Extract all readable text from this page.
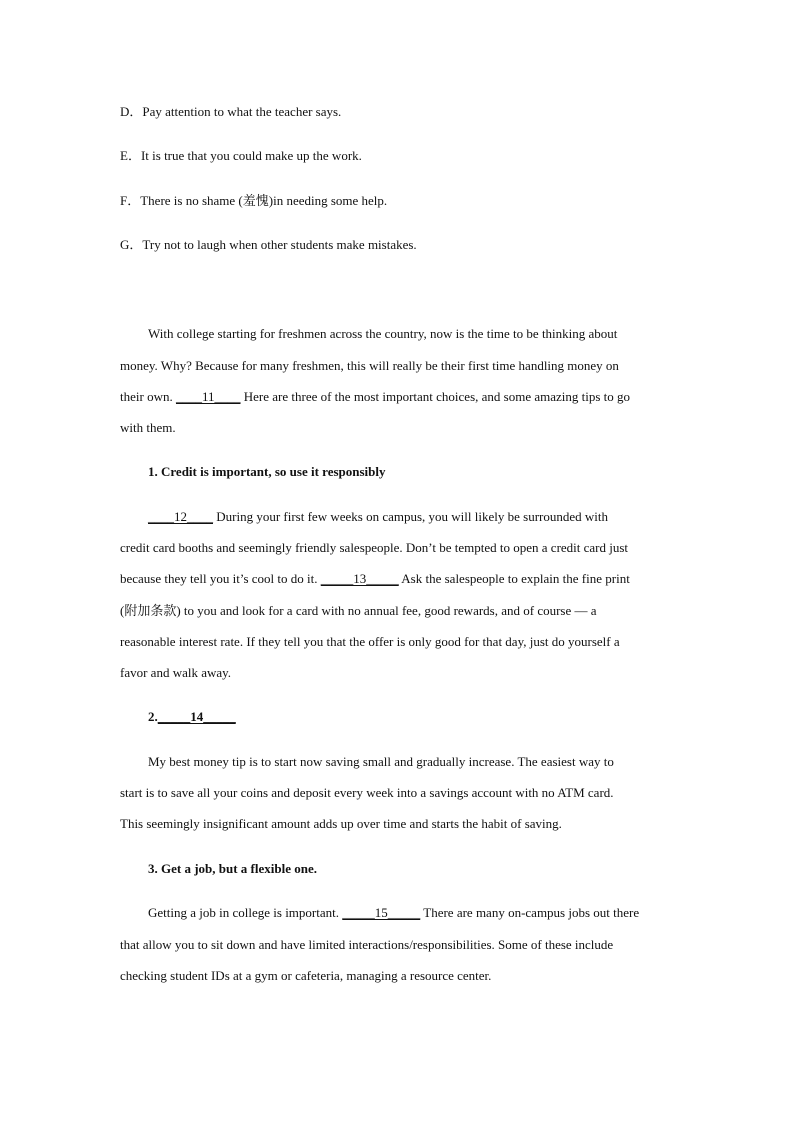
D．Pay attention to what the teacher says.
E．It is true that you could make up the work.
F．There is no shame (羞愧)in needing some help.
G．Try not to laugh when other students make mistakes.
With college starting for freshmen across the country, now is the time to be thinking about
money. Why? Because for many freshmen, this will really be their first time handling money on
their own. ____11____ Here are three of the most important choices, and some amazing tips to go
with them.
1. Credit is important, so use it responsibly
____12____ During your first few weeks on campus, you will likely be surrounded with
credit card booths and seemingly friendly salespeople. Don’t be tempted to open a credit card just
because they tell you it’s cool to do it. _____13_____ Ask the salespeople to explain the fine print
(附加条款) to you and look for a card with no annual fee, good rewards, and of course — a
reasonable interest rate. If they tell you that the offer is only good for that day, just do yourself a
favor and walk away.
2._____14_____
My best money tip is to start now saving small and gradually increase. The easiest way to
start is to save all your coins and deposit every week into a savings account with no ATM card.
This seemingly insignificant amount adds up over time and starts the habit of saving.
3. Get a job, but a flexible one.
Getting a job in college is important. _____15_____ There are many on-campus jobs out there
that allow you to sit down and have limited interactions/responsibilities. Some of these include
checking student IDs at a gym or cafeteria, managing a resource center.
